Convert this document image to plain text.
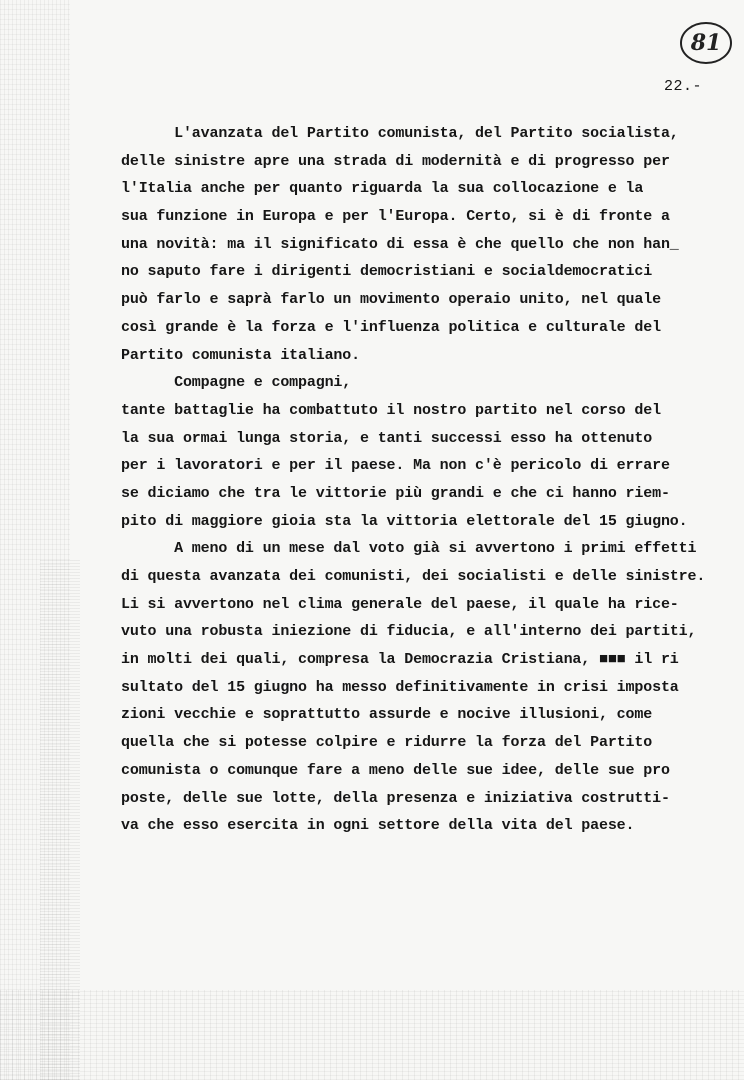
81
22.-
L'avanzata del Partito comunista, del Partito socialista,
delle sinistre apre una strada di modernità e di progresso per
l'Italia anche per quanto riguarda la sua collocazione e la
sua funzione in Europa e per l'Europa. Certo, si è di fronte a
una novità: ma il significato di essa è che quello che non han_
no saputo fare i dirigenti democristiani e socialdemocratici
può farlo e saprà farlo un movimento operaio unito, nel quale
così grande è la forza e l'influenza politica e culturale del
Partito comunista italiano.
Compagne e compagni,
tante battaglie ha combattuto il nostro partito nel corso del
la sua ormai lunga storia, e tanti successi esso ha ottenuto
per i lavoratori e per il paese. Ma non c'è pericolo di errare
se diciamo che tra le vittorie più grandi e che ci hanno riem-
pito di maggiore gioia sta la vittoria elettorale del 15 giugno.
A meno di un mese dal voto già si avvertono i primi effetti
di questa avanzata dei comunisti, dei socialisti e delle sinistre.
Li si avvertono nel clima generale del paese, il quale ha rice-
vuto una robusta iniezione di fiducia, e all'interno dei partiti,
in molti dei quali, compresa la Democrazia Cristiana, ■■■ il ri
sultato del 15 giugno ha messo definitivamente in crisi imposta
zioni vecchie e soprattutto assurde e nocive illusioni, come
quella che si potesse colpire e ridurre la forza del Partito
comunista o comunque fare a meno delle sue idee, delle sue pro
poste, delle sue lotte, della presenza e iniziativa costrutti-
va che esso esercita in ogni settore della vita del paese.
